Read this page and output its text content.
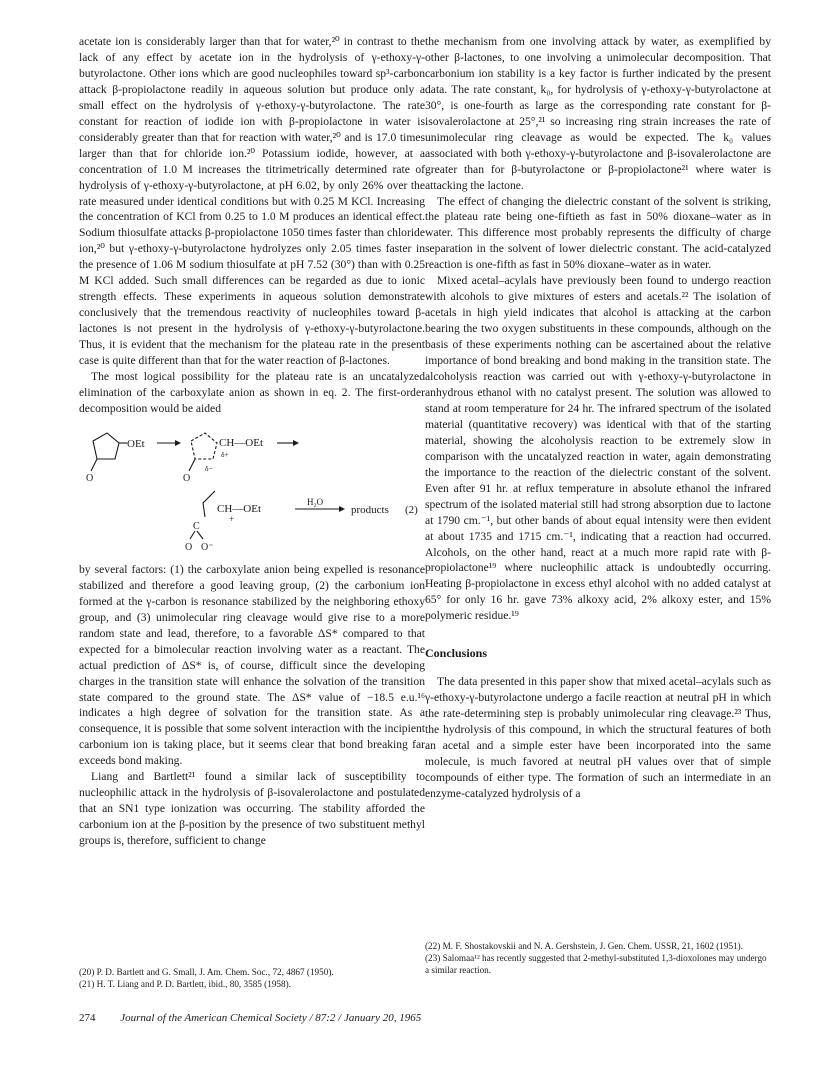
acetate ion is considerably larger than that for water,²⁰ in contrast to the lack of any effect by acetate ion in the hydrolysis of γ-ethoxy-γ-butyrolactone. Other ions which are good nucleophiles toward sp³-carbon attack β-propiolactone readily in aqueous solution but produce only a small effect on the hydrolysis of γ-ethoxy-γ-butyrolactone. The rate constant for reaction of iodide ion with β-propiolactone in water is considerably greater than that for reaction with water,²⁰ and is 17.0 times larger than that for chloride ion.²⁰ Potassium iodide, however, at a concentration of 1.0 M increases the titrimetrically determined rate of hydrolysis of γ-ethoxy-γ-butyrolactone, at pH 6.02, by only 26% over the rate measured under identical conditions but with 0.25 M KCl. Increasing the concentration of KCl from 0.25 to 1.0 M produces an identical effect. Sodium thiosulfate attacks β-propiolactone 1050 times faster than chloride ion,²⁰ but γ-ethoxy-γ-butyrolactone hydrolyzes only 2.05 times faster in the presence of 1.06 M sodium thiosulfate at pH 7.52 (30°) than with 0.25 M KCl added. Such small differences can be regarded as due to ionic strength effects. These experiments in aqueous solution demonstrate conclusively that the tremendous reactivity of nucleophiles toward β-lactones is not present in the hydrolysis of γ-ethoxy-γ-butyrolactone. Thus, it is evident that the mechanism for the plateau rate in the present case is quite different than that for the water reaction of β-lactones.

The most logical possibility for the plateau rate is an uncatalyzed elimination of the carboxylate anion as shown in eq. 2. The first-order decomposition would be aided

OEt
O
CH—OEt
δ+
δ−
O
CH—OEt
+
C
O O⁻
H₂O
products (2)

by several factors: (1) the carboxylate anion being expelled is resonance stabilized and therefore a good leaving group, (2) the carbonium ion formed at the γ-carbon is resonance stabilized by the neighboring ethoxy group, and (3) unimolecular ring cleavage would give rise to a more random state and lead, therefore, to a favorable ΔS* compared to that expected for a bimolecular reaction involving water as a reactant. The actual prediction of ΔS* is, of course, difficult since the developing charges in the transition state will enhance the solvation of the transition state compared to the ground state. The ΔS* value of −18.5 e.u.¹⁶ indicates a high degree of solvation for the transition state. As a consequence, it is possible that some solvent interaction with the incipient carbonium ion is taking place, but it seems clear that bond breaking far exceeds bond making.

Liang and Bartlett²¹ found a similar lack of susceptibility to nucleophilic attack in the hydrolysis of β-isovalerolactone and postulated that an SN1 type ionization was occurring. The stability afforded the carbonium ion at the β-position by the presence of two substituent methyl groups is, therefore, sufficient to change

the mechanism from one involving attack by water, as exemplified by other β-lactones, to one involving a unimolecular decomposition. That carbonium ion stability is a key factor is further indicated by the present data. The rate constant, k₀, for hydrolysis of γ-ethoxy-γ-butyrolactone at 30°, is one-fourth as large as the corresponding rate constant for β-isovalerolactone at 25°,²¹ so increasing ring strain increases the rate of unimolecular ring cleavage as would be expected. The k₀ values associated with both γ-ethoxy-γ-butyrolactone and β-isovalerolactone are greater than for β-butyrolactone or β-propiolactone²¹ where water is attacking the lactone.

The effect of changing the dielectric constant of the solvent is striking, the plateau rate being one-fiftieth as fast in 50% dioxane–water as in water. This difference most probably represents the difficulty of charge separation in the solvent of lower dielectric constant. The acid-catalyzed reaction is one-fifth as fast in 50% dioxane–water as in water.

Mixed acetal–acylals have previously been found to undergo reaction with alcohols to give mixtures of esters and acetals.²² The isolation of acetals in high yield indicates that alcohol is attacking at the carbon bearing the two oxygen substituents in these compounds, although on the basis of these experiments nothing can be ascertained about the relative importance of bond breaking and bond making in the transition state. The alcoholysis reaction was carried out with γ-ethoxy-γ-butyrolactone in anhydrous ethanol with no catalyst present. The solution was allowed to stand at room temperature for 24 hr. The infrared spectrum of the isolated material (quantitative recovery) was identical with that of the starting material, showing the alcoholysis reaction to be extremely slow in comparison with the uncatalyzed reaction in water, again demonstrating the importance to the reaction of the dielectric constant of the solvent. Even after 91 hr. at reflux temperature in absolute ethanol the infrared spectrum of the isolated material still had strong absorption due to lactone at 1790 cm.⁻¹, but other bands of about equal intensity were then evident at about 1735 and 1715 cm.⁻¹, indicating that a reaction had occurred. Alcohols, on the other hand, react at a much more rapid rate with β-propiolactone¹⁹ where nucleophilic attack is undoubtedly occurring. Heating β-propiolactone in excess ethyl alcohol with no added catalyst at 65° for only 16 hr. gave 73% alkoxy acid, 2% alkoxy ester, and 15% polymeric residue.¹⁹

Conclusions

The data presented in this paper show that mixed acetal–acylals such as γ-ethoxy-γ-butyrolactone undergo a facile reaction at neutral pH in which the rate-determining step is probably unimolecular ring cleavage.²³ Thus, the hydrolysis of this compound, in which the structural features of both an acetal and a simple ester have been incorporated into the same molecule, is much favored at neutral pH values over that of simple compounds of either type. The formation of such an intermediate in an enzyme-catalyzed hydrolysis of a

(20) P. D. Bartlett and G. Small, J. Am. Chem. Soc., 72, 4867 (1950).

(21) H. T. Liang and P. D. Bartlett, ibid., 80, 3585 (1958).

(22) M. F. Shostakovskii and N. A. Gershstein, J. Gen. Chem. USSR, 21, 1602 (1951).

(23) Salomaa¹² has recently suggested that 2-methyl-substituted 1,3-dioxolones may undergo a similar reaction.

274 Journal of the American Chemical Society / 87:2 / January 20, 1965
